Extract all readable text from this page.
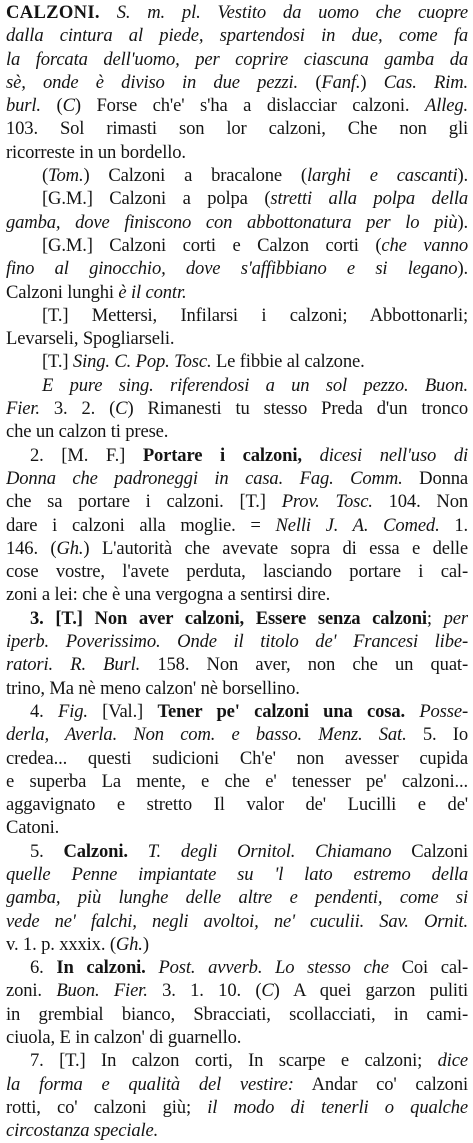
CALZONI. S. m. pl. Vestito da uomo che cuopre
dalla cintura al piede, spartendosi in due, come fa
la forcata dell'uomo, per coprire ciascuna gamba da
sè, onde è diviso in due pezzi. (Fanf.) Cas. Rim.
burl. (C) Forse ch'e' s'ha a dislacciar calzoni. Alleg.
103. Sol rimasti son lor calzoni, Che non gli
ricorreste in un bordello.
(Tom.) Calzoni a bracalone (larghi e cascanti).
[G.M.] Calzoni a polpa (stretti alla polpa della
gamba, dove finiscono con abbottonatura per lo più).
[G.M.] Calzoni corti e Calzon corti (che vanno
fino al ginocchio, dove s'affibbiano e si legano).
Calzoni lunghi è il contr.
[T.] Mettersi, Infilarsi i calzoni; Abbottonarli;
Levarseli, Spogliarseli.
[T.] Sing. C. Pop. Tosc. Le fibbie al calzone.
E pure sing. riferendosi a un sol pezzo. Buon.
Fier. 3. 2. (C) Rimanesti tu stesso Preda d'un tronco
che un calzon ti prese.
2. [M. F.] Portare i calzoni, dicesi nell'uso di
Donna che padroneggi in casa. Fag. Comm. Donna
che sa portare i calzoni. [T.] Prov. Tosc. 104. Non
dare i calzoni alla moglie. = Nelli J. A. Comed. 1.
146. (Gh.) L'autorità che avevate sopra di essa e delle
cose vostre, l'avete perduta, lasciando portare i cal-
zoni a lei: che è una vergogna a sentirsi dire.
3. [T.] Non aver calzoni, Essere senza calzoni; per
iperb. Poverissimo. Onde il titolo de' Francesi libe-
ratori. R. Burl. 158. Non aver, non che un quat-
trino, Ma nè meno calzon' nè borsellino.
4. Fig. [Val.] Tener pe' calzoni una cosa. Posse-
derla, Averla. Non com. e basso. Menz. Sat. 5. Io
credea... questi sudicioni Ch'e' non avesser cupida
e superba La mente, e che e' tenesser pe' calzoni...
aggavignato e stretto Il valor de' Lucilli e de'
Catoni.
5. Calzoni. T. degli Ornitol. Chiamano Calzoni
quelle Penne impiantate su 'l lato estremo della
gamba, più lunghe delle altre e pendenti, come si
vede ne' falchi, negli avoltoi, ne' cuculii. Sav. Ornit.
v. 1. p. xxxix. (Gh.)
6. In calzoni. Post. avverb. Lo stesso che Coi cal-
zoni. Buon. Fier. 3. 1. 10. (C) A quei garzon puliti
in grembial bianco, Sbracciati, scollacciati, in cami-
ciuola, E in calzon' di guarnello.
7. [T.] In calzon corti, In scarpe e calzoni; dice
la forma e qualità del vestire: Andar co' calzoni
rotti, co' calzoni giù; il modo di tenerli o qualche
circostanza speciale.
